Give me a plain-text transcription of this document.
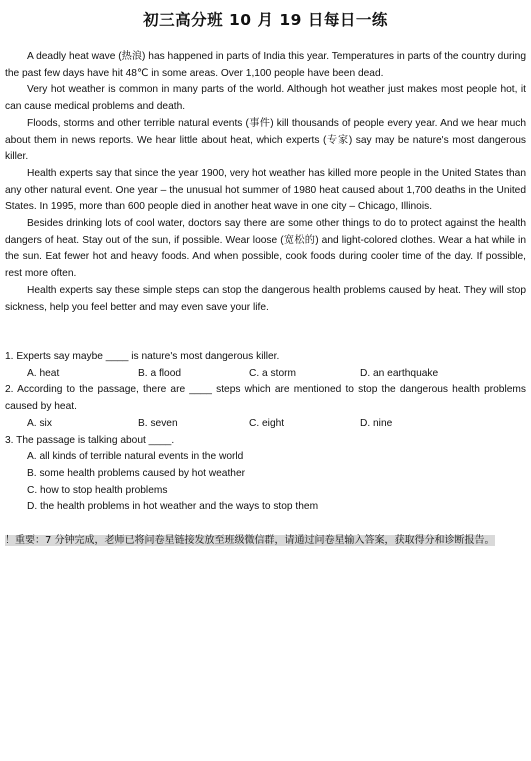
初三高分班 10 月 19 日每日一练

A deadly heat wave (热浪) has happened in parts of India this year. Temperatures in parts of the country during the past few days have hit 48℃ in some areas. Over 1,100 people have been dead.

Very hot weather is common in many parts of the world. Although hot weather just makes most people hot, it can cause medical problems and death.

Floods, storms and other terrible natural events (事件) kill thousands of people every year. And we hear much about them in news reports. We hear little about heat, which experts (专家) say may be nature's most dangerous killer.

Health experts say that since the year 1900, very hot weather has killed more people in the United States than any other natural event. One year – the unusual hot summer of 1980 heat caused about 1,700 deaths in the United States. In 1995, more than 600 people died in another heat wave in one city – Chicago, Illinois.

Besides drinking lots of cool water, doctors say there are some other things to do to protect against the health dangers of heat. Stay out of the sun, if possible. Wear loose (宽松的) and light-colored clothes. Wear a hat while in the sun. Eat fewer hot and heavy foods. And when possible, cook foods during cooler time of the day. If possible, rest more often.

Health experts say these simple steps can stop the dangerous health problems caused by heat. They will stop sickness, help you feel better and may even save your life.

1. Experts say maybe ____ is nature's most dangerous killer.

A. heat	B. a flood	C. a storm	D. an earthquake

2. According to the passage, there are ____ steps which are mentioned to stop the dangerous health problems caused by heat.

A. six	B. seven	C. eight	D. nine

3. The passage is talking about ____.

A. all kinds of terrible natural events in the world
B. some health problems caused by hot weather
C. how to stop health problems
D. the health problems in hot weather and the ways to stop them
！重要：7 分钟完成，老师已将问卷星链接发放至班级微信群，请通过问卷星输入答案，获取得分和诊断报告。
